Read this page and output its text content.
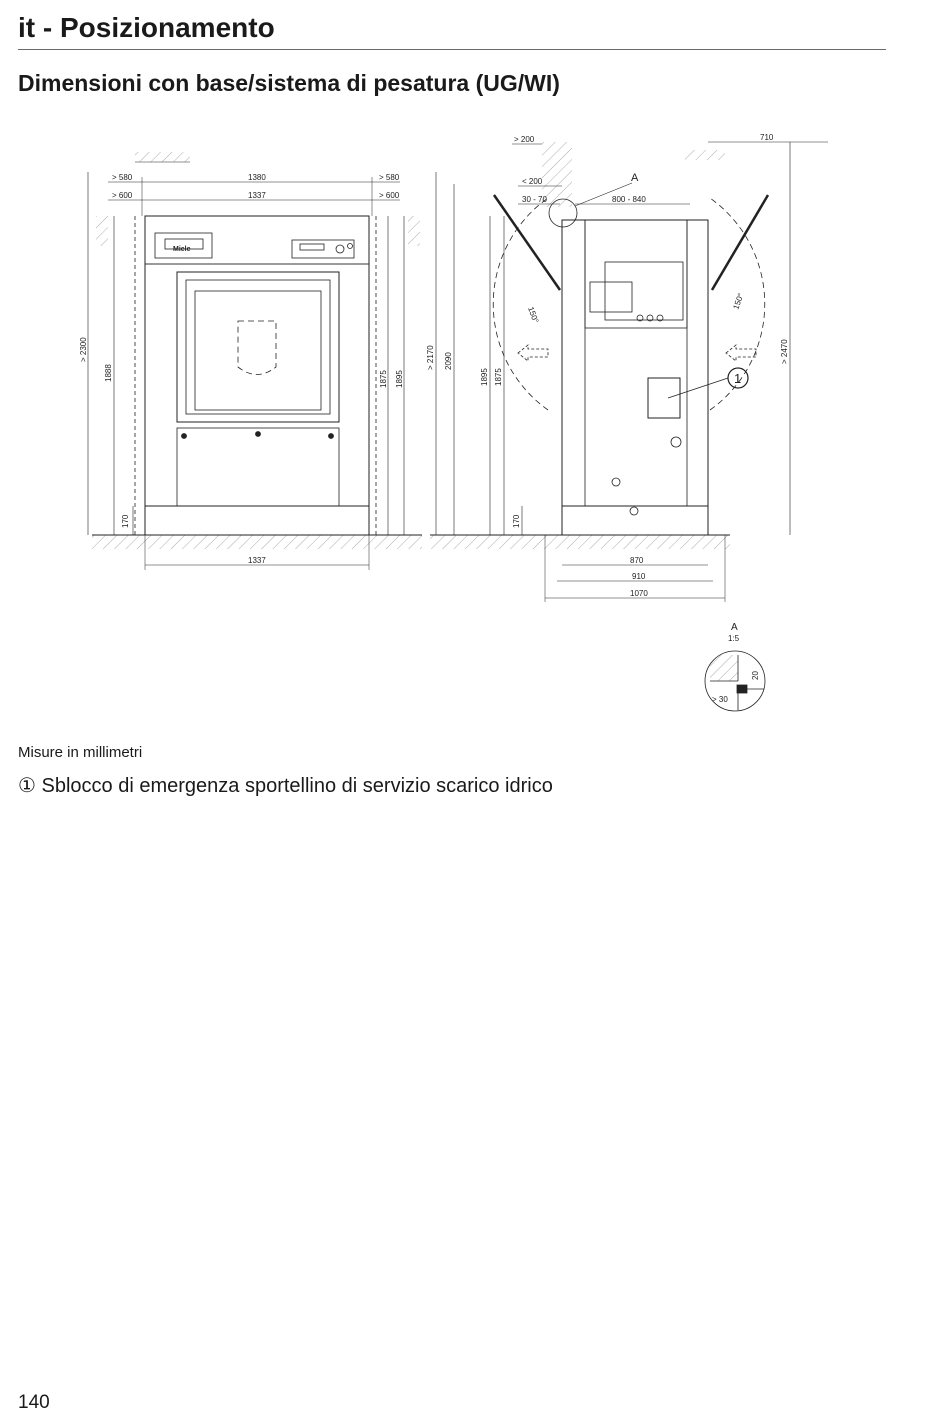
it - Posizionamento
Dimensioni con base/sistema di pesatura (UG/WI)
> 580	1380	> 580
> 600	1337	> 600
> 2300
1888
170
1875 1895
1337
Miele
> 200	710
< 200
30 - 70	800 - 840
A
> 2170 2090
1895 1875
170
> 2470
150°
150°
1
870
910
1070
A
1:5
20
> 30
Misure in millimetri
① Sblocco di emergenza sportellino di servizio scarico idrico
140
